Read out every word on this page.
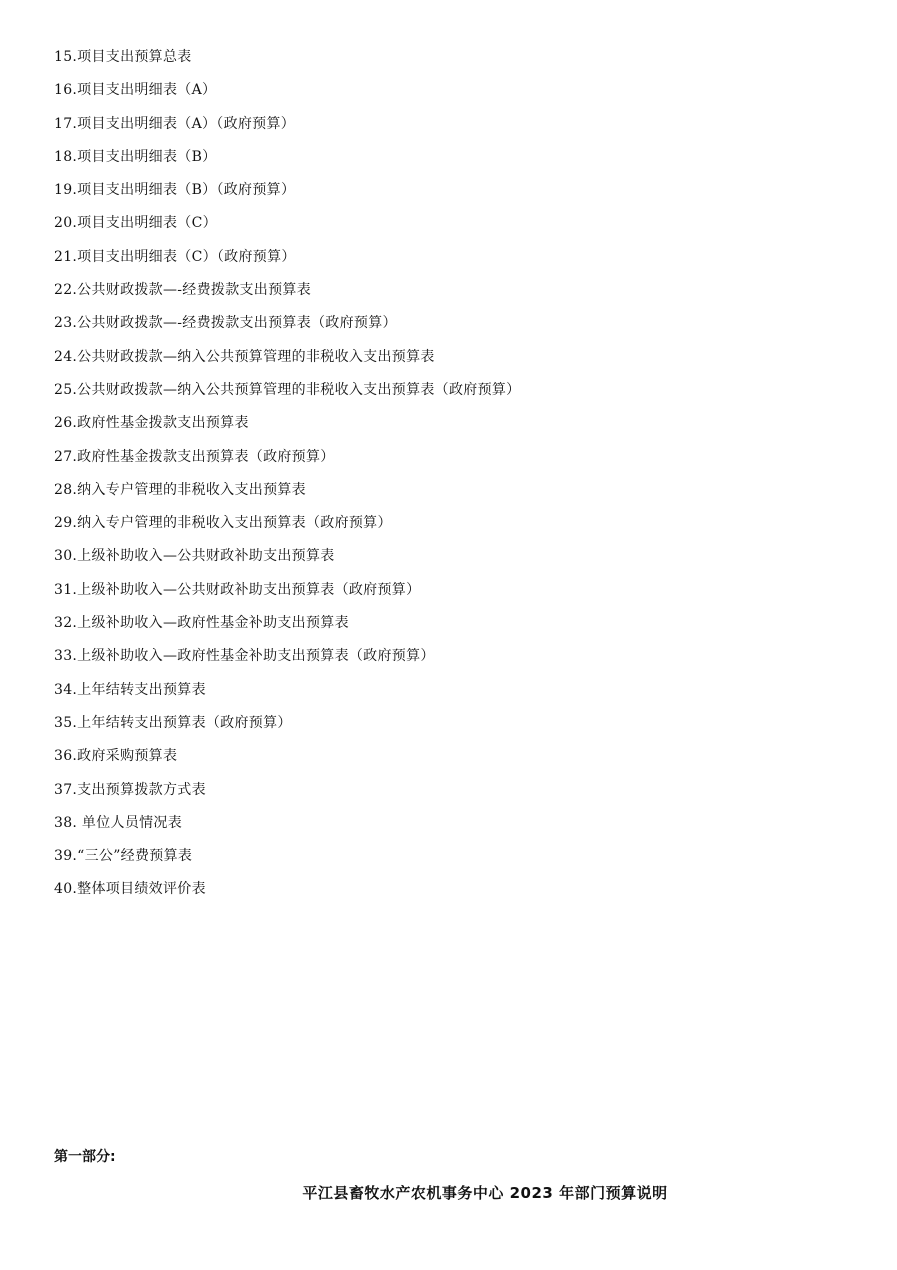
15.项目支出预算总表
16.项目支出明细表（A）
17.项目支出明细表（A）（政府预算）
18.项目支出明细表（B）
19.项目支出明细表（B）（政府预算）
20.项目支出明细表（C）
21.项目支出明细表（C）（政府预算）
22.公共财政拨款—-经费拨款支出预算表
23.公共财政拨款—-经费拨款支出预算表（政府预算）
24.公共财政拨款—纳入公共预算管理的非税收入支出预算表
25.公共财政拨款—纳入公共预算管理的非税收入支出预算表（政府预算）
26.政府性基金拨款支出预算表
27.政府性基金拨款支出预算表（政府预算）
28.纳入专户管理的非税收入支出预算表
29.纳入专户管理的非税收入支出预算表（政府预算）
30.上级补助收入—公共财政补助支出预算表
31.上级补助收入—公共财政补助支出预算表（政府预算）
32.上级补助收入—政府性基金补助支出预算表
33.上级补助收入—政府性基金补助支出预算表（政府预算）
34.上年结转支出预算表
35.上年结转支出预算表（政府预算）
36.政府采购预算表
37.支出预算拨款方式表
38. 单位人员情况表
39.“三公”经费预算表
40.整体项目绩效评价表
第一部分:
平江县畜牧水产农机事务中心 2023 年部门预算说明
